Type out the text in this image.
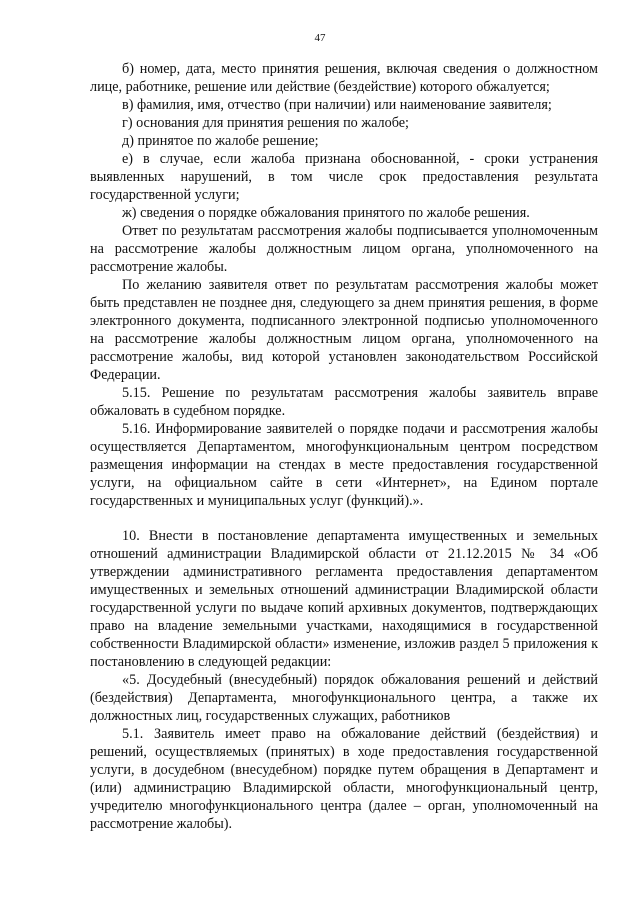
47

б) номер, дата, место принятия решения, включая сведения о должностном лице, работнике, решение или действие (бездействие) которого обжалуется;

в) фамилия, имя, отчество (при наличии) или наименование заявителя;

г) основания для принятия решения по жалобе;

д) принятое по жалобе решение;

е) в случае, если жалоба признана обоснованной, - сроки устранения выявленных нарушений, в том числе срок предоставления результата государственной услуги;

ж) сведения о порядке обжалования принятого по жалобе решения.

Ответ по результатам рассмотрения жалобы подписывается уполномоченным на рассмотрение жалобы должностным лицом органа, уполномоченного на рассмотрение жалобы.

По желанию заявителя ответ по результатам рассмотрения жалобы может быть представлен не позднее дня, следующего за днем принятия решения, в форме электронного документа, подписанного электронной подписью уполномоченного на рассмотрение жалобы должностным лицом органа, уполномоченного на рассмотрение жалобы, вид которой установлен законодательством Российской Федерации.

5.15. Решение по результатам рассмотрения жалобы заявитель вправе обжаловать в судебном порядке.

5.16. Информирование заявителей о порядке подачи и рассмотрения жалобы осуществляется Департаментом, многофункциональным центром посредством размещения информации на стендах в месте предоставления государственной услуги, на официальном сайте в сети «Интернет», на Едином портале государственных и муниципальных услуг (функций).».

10. Внести в постановление департамента имущественных и земельных отношений администрации Владимирской области от 21.12.2015 № 34 «Об утверждении административного регламента предоставления департаментом имущественных и земельных отношений администрации Владимирской области государственной услуги по выдаче копий архивных документов, подтверждающих право на владение земельными участками, находящимися в государственной собственности Владимирской области» изменение, изложив раздел 5 приложения к постановлению в следующей редакции:

«5. Досудебный (внесудебный) порядок обжалования решений и действий (бездействия) Департамента, многофункционального центра, а также их должностных лиц, государственных служащих, работников

5.1. Заявитель имеет право на обжалование действий (бездействия) и решений, осуществляемых (принятых) в ходе предоставления государственной услуги, в досудебном (внесудебном) порядке путем обращения в Департамент и (или) администрацию Владимирской области, многофункциональный центр, учредителю многофункционального центра (далее – орган, уполномоченный на рассмотрение жалобы).
